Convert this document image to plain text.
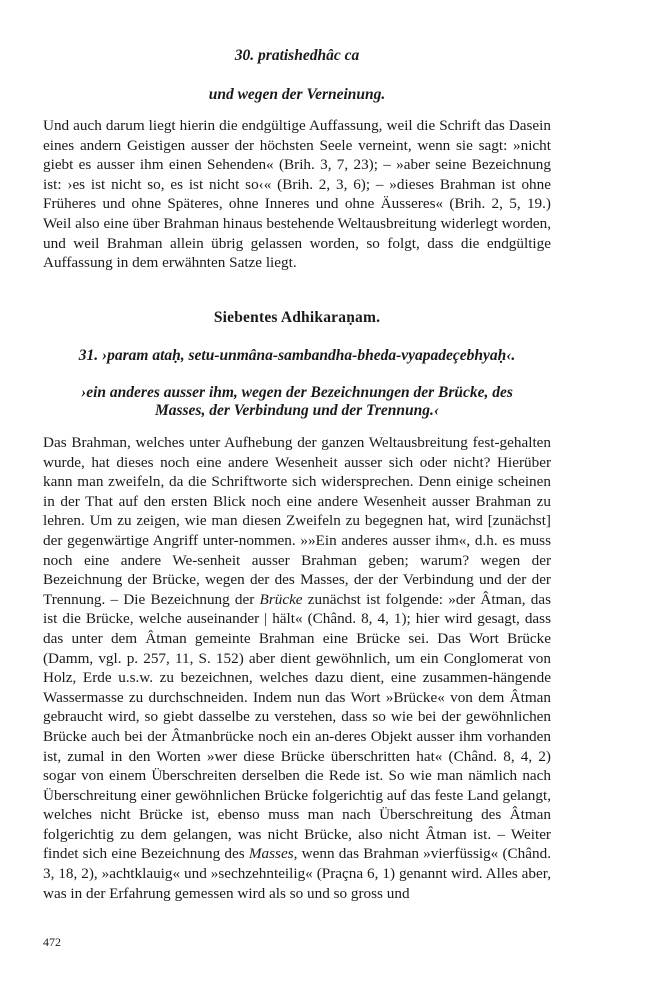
30. pratishedhâc ca

und wegen der Verneinung.

Und auch darum liegt hierin die endgültige Auffassung, weil die Schrift das Dasein eines andern Geistigen ausser der höchsten Seele verneint, wenn sie sagt: »nicht giebt es ausser ihm einen Sehenden« (Brih. 3, 7, 23); – »aber seine Bezeichnung ist: ›es ist nicht so, es ist nicht so‹« (Brih. 2, 3, 6); – »dieses Brahman ist ohne Früheres und ohne Späteres, ohne Inneres und ohne Äusseres« (Brih. 2, 5, 19.) Weil also eine über Brahman hinaus bestehende Weltausbreitung widerlegt worden, und weil Brahman allein übrig gelassen worden, so folgt, dass die endgültige Auffassung in dem erwähnten Satze liegt.

Siebentes Adhikaraṇam.

31. ›param ataḥ, setu-unmâna-sambandha-bheda-vyapadeçebhyaḥ‹.

›ein anderes ausser ihm, wegen der Bezeichnungen der Brücke, des
Masses, der Verbindung und der Trennung.‹

Das Brahman, welches unter Aufhebung der ganzen Weltausbreitung fest-gehalten wurde, hat dieses noch eine andere Wesenheit ausser sich oder nicht? Hierüber kann man zweifeln, da die Schriftworte sich widersprechen. Denn einige scheinen in der That auf den ersten Blick noch eine andere Wesenheit ausser Brahman zu lehren. Um zu zeigen, wie man diesen Zweifeln zu begegnen hat, wird [zunächst] der gegenwärtige Angriff unter-nommen. »»Ein anderes ausser ihm«, d.h. es muss noch eine andere We-senheit ausser Brahman geben; warum? wegen der Bezeichnung der Brücke, wegen der des Masses, der der Verbindung und der der Trennung. – Die Bezeichnung der Brücke zunächst ist folgende: »der Âtman, das ist die Brücke, welche auseinander | hält« (Chând. 8, 4, 1); hier wird gesagt, dass das unter dem Âtman gemeinte Brahman eine Brücke sei. Das Wort Brücke (Damm, vgl. p. 257, 11, S. 152) aber dient gewöhnlich, um ein Conglomerat von Holz, Erde u.s.w. zu bezeichnen, welches dazu dient, eine zusammen-hängende Wassermasse zu durchschneiden. Indem nun das Wort »Brücke« von dem Âtman gebraucht wird, so giebt dasselbe zu verstehen, dass so wie bei der gewöhnlichen Brücke auch bei der Âtmanbrücke noch ein an-deres Objekt ausser ihm vorhanden ist, zumal in den Worten »wer diese Brücke überschritten hat« (Chând. 8, 4, 2) sogar von einem Überschreiten derselben die Rede ist. So wie man nämlich nach Überschreitung einer gewöhnlichen Brücke folgerichtig auf das feste Land gelangt, welches nicht Brücke ist, ebenso muss man nach Überschreitung des Âtman folgerichtig zu dem gelangen, was nicht Brücke, also nicht Âtman ist. – Weiter findet sich eine Bezeichnung des Masses, wenn das Brahman »vierfüssig« (Chând. 3, 18, 2), »achtklauig« und »sechzehnteilig« (Praçna 6, 1) genannt wird. Alles aber, was in der Erfahrung gemessen wird als so und so gross und

472
